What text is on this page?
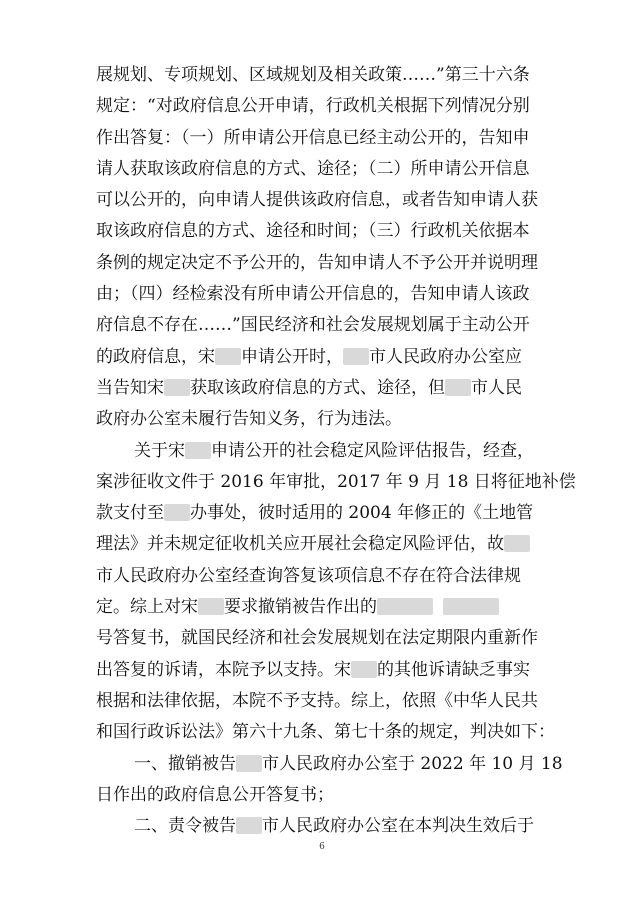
展规划、专项规划、区域规划及相关政策……”第三十六条
规定：“对政府信息公开申请，行政机关根据下列情况分别
作出答复：（一）所申请公开信息已经主动公开的，告知申
请人获取该政府信息的方式、途径；（二）所申请公开信息
可以公开的，向申请人提供该政府信息，或者告知申请人获
取该政府信息的方式、途径和时间；（三）行政机关依据本
条例的规定决定不予公开的，告知申请人不予公开并说明理
由；（四）经检索没有所申请公开信息的，告知申请人该政
府信息不存在……”国民经济和社会发展规划属于主动公开
的政府信息，宋 申请公开时， 市人民政府办公室应
当告知宋 获取该政府信息的方式、途径，但 市人民
政府办公室未履行告知义务，行为违法。
关于宋 申请公开的社会稳定风险评估报告，经查，
案涉征收文件于 2016 年审批，2017 年 9 月 18 日将征地补偿
款支付至 办事处，彼时适用的 2004 年修正的《土地管
理法》并未规定征收机关应开展社会稳定风险评估，故
市人民政府办公室经查询答复该项信息不存在符合法律规
定。综上对宋 要求撤销被告作出的
号答复书，就国民经济和社会发展规划在法定期限内重新作
出答复的诉请，本院予以支持。宋 的其他诉请缺乏事实
根据和法律依据，本院不予支持。综上，依照《中华人民共
和国行政诉讼法》第六十九条、第七十条的规定，判决如下：
一、撤销被告 市人民政府办公室于 2022 年 10 月 18
日作出的政府信息公开答复书；
二、责令被告 市人民政府办公室在本判决生效后于
6
